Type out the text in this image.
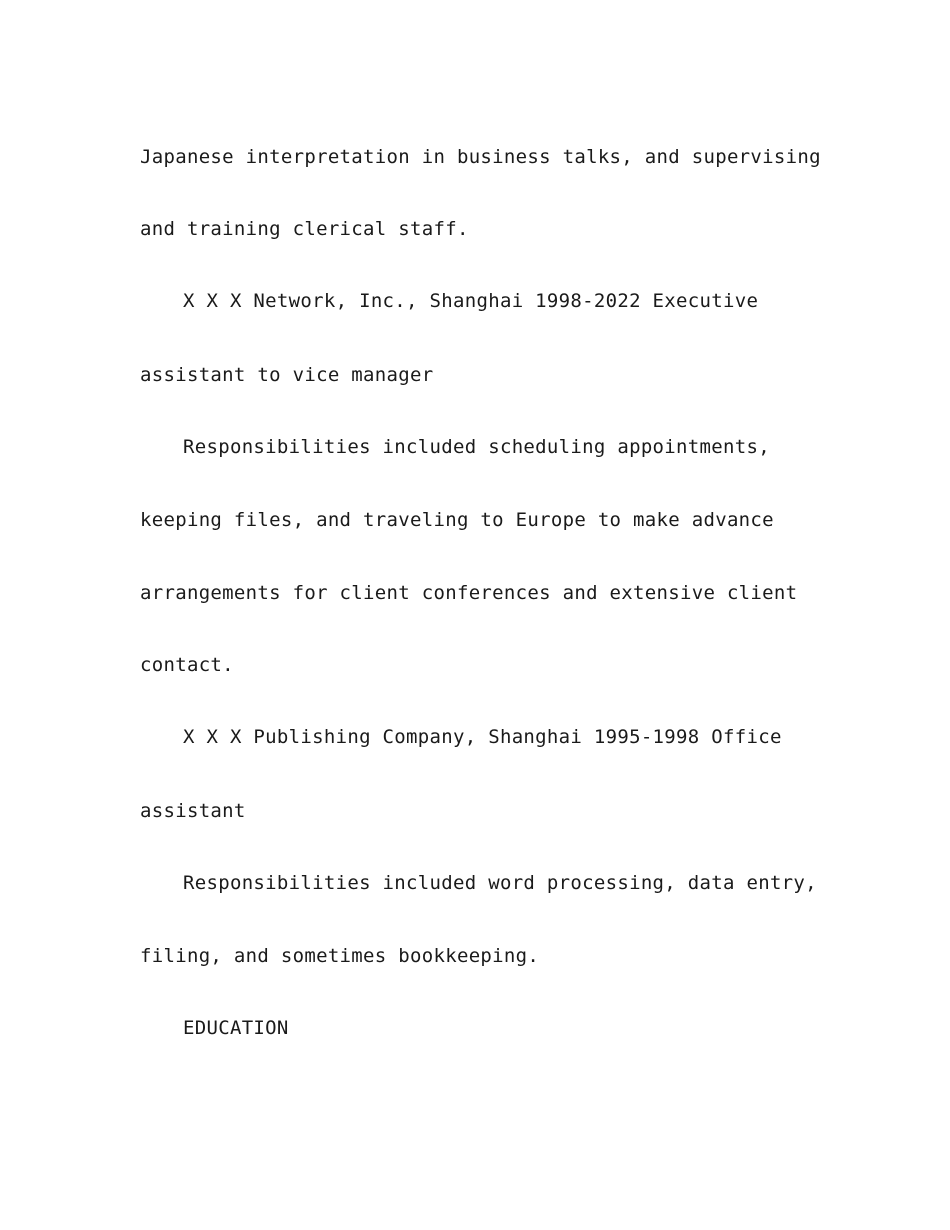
Japanese interpretation in business talks, and supervising
and training clerical staff.
X X X Network, Inc., Shanghai 1998-2022 Executive
assistant to vice manager
Responsibilities included scheduling appointments,
keeping files, and traveling to Europe to make advance
arrangements for client conferences and extensive client
contact.
X X X Publishing Company, Shanghai 1995-1998 Office
assistant
Responsibilities included word processing, data entry,
filing, and sometimes bookkeeping.
EDUCATION
